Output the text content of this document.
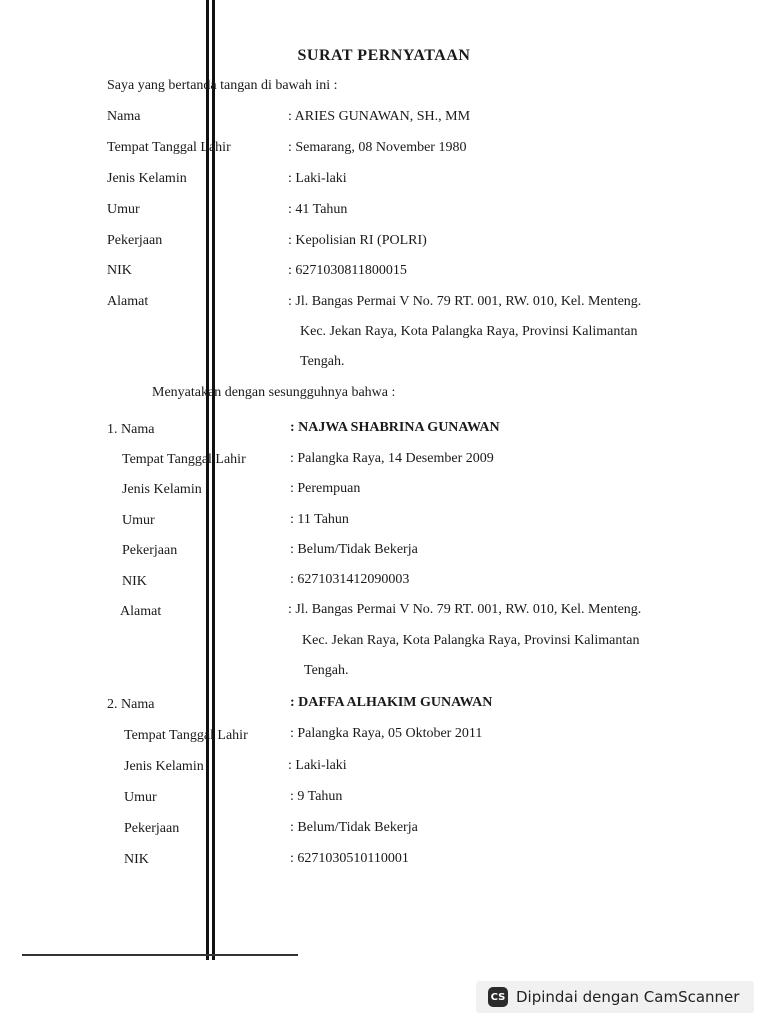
SURAT PERNYATAAN
Saya yang bertanda tangan di bawah ini :
Nama	: ARIES GUNAWAN, SH., MM
Tempat Tanggal Lahir	: Semarang, 08 November 1980
Jenis Kelamin	: Laki-laki
Umur	: 41 Tahun
Pekerjaan	: Kepolisian RI (POLRI)
NIK	: 6271030811800015
Alamat	: Jl. Bangas Permai V No. 79 RT. 001, RW. 010, Kel. Menteng.
Kec. Jekan Raya, Kota Palangka Raya, Provinsi Kalimantan
Tengah.
Menyatakan dengan sesungguhnya bahwa :
1. Nama	: NAJWA SHABRINA GUNAWAN
Tempat Tanggal Lahir	: Palangka Raya, 14 Desember 2009
Jenis Kelamin	: Perempuan
Umur	: 11 Tahun
Pekerjaan	: Belum/Tidak Bekerja
NIK	: 6271031412090003
Alamat	: Jl. Bangas Permai V No. 79 RT. 001, RW. 010, Kel. Menteng.
Kec. Jekan Raya, Kota Palangka Raya, Provinsi Kalimantan
Tengah.
2. Nama	: DAFFA ALHAKIM GUNAWAN
Tempat Tanggal Lahir	: Palangka Raya, 05 Oktober 2011
Jenis Kelamin	: Laki-laki
Umur	: 9 Tahun
Pekerjaan	: Belum/Tidak Bekerja
NIK	: 6271030510110001
CS Dipindai dengan CamScanner
